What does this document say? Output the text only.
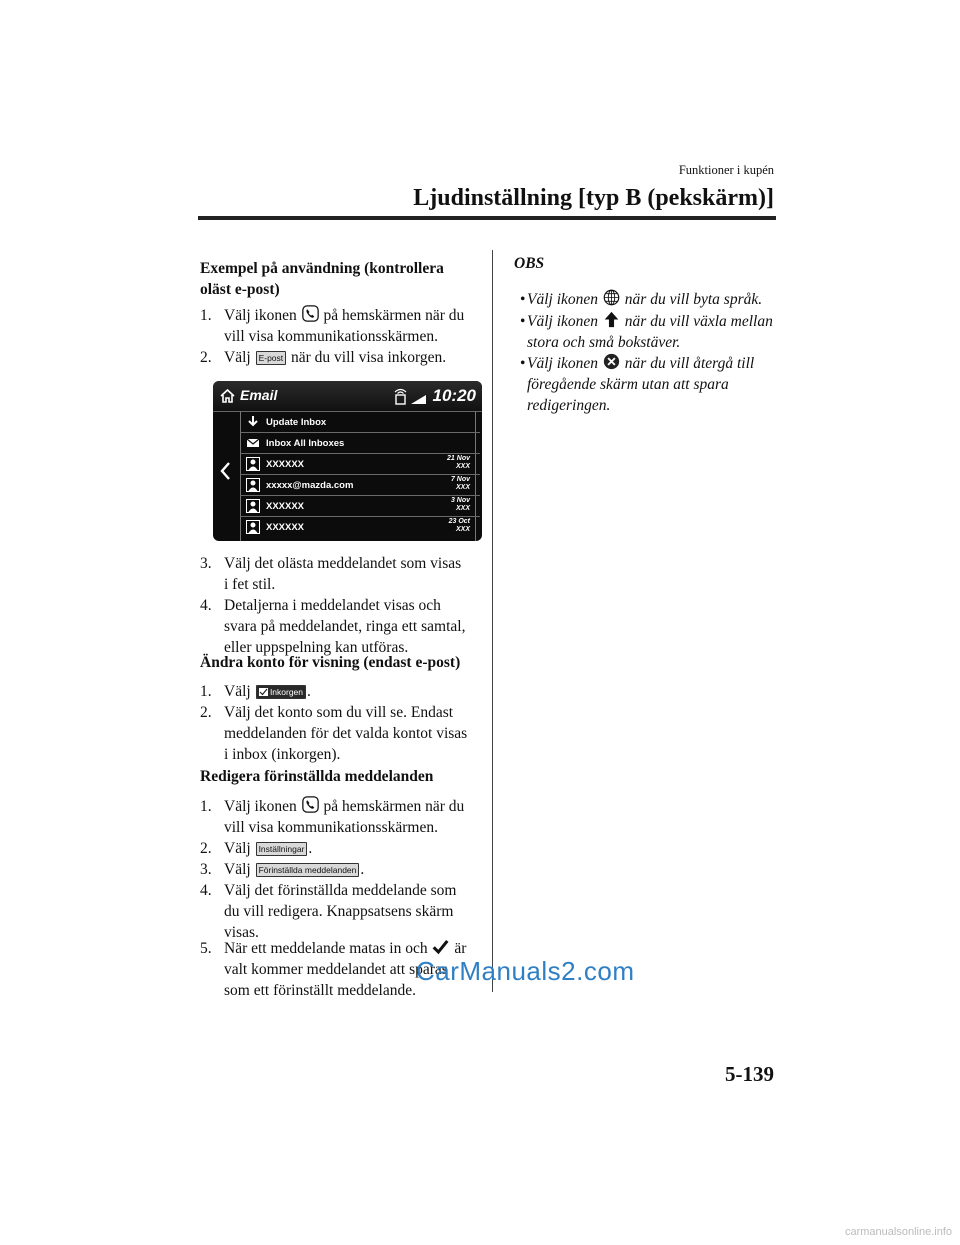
Funktioner i kupén
Ljudinställning [typ B (pekskärm)]
Exempel på användning (kontrollera
oläst e-post)
1. Välj ikonen på hemskärmen när du
vill visa kommunikationsskärmen.
2. Välj E-post när du vill visa inkorgen.
Email	10:20
Update Inbox
Inbox All Inboxes
XXXXXX
21 Nov
XXX
xxxxx@mazda.com
7 Nov
XXX
XXXXXX
3 Nov
XXX
XXXXXX
23 Oct
XXX
3. Välj det olästa meddelandet som visas
i fet stil.
4. Detaljerna i meddelandet visas och
svara på meddelandet, ringa ett samtal,
eller uppspelning kan utföras.
Ändra konto för visning (endast e-post)
1. Välj Inkorgen .
2. Välj det konto som du vill se. Endast
meddelanden för det valda kontot visas
i inbox (inkorgen).
Redigera förinställda meddelanden
1. Välj ikonen på hemskärmen när du
vill visa kommunikationsskärmen.
2. Välj Inställningar .
3. Välj Förinställda meddelanden .
4. Välj det förinställda meddelande som
du vill redigera. Knappsatsens skärm
visas.
5. När ett meddelande matas in och är
valt kommer meddelandet att sparas
som ett förinställt meddelande.
OBS
• Välj ikonen när du vill byta språk.
• Välj ikonen när du vill växla mellan
stora och små bokstäver.
• Välj ikonen när du vill återgå till
föregående skärm utan att spara
redigeringen.
CarManuals2.com
5-139
carmanualsonline.info
